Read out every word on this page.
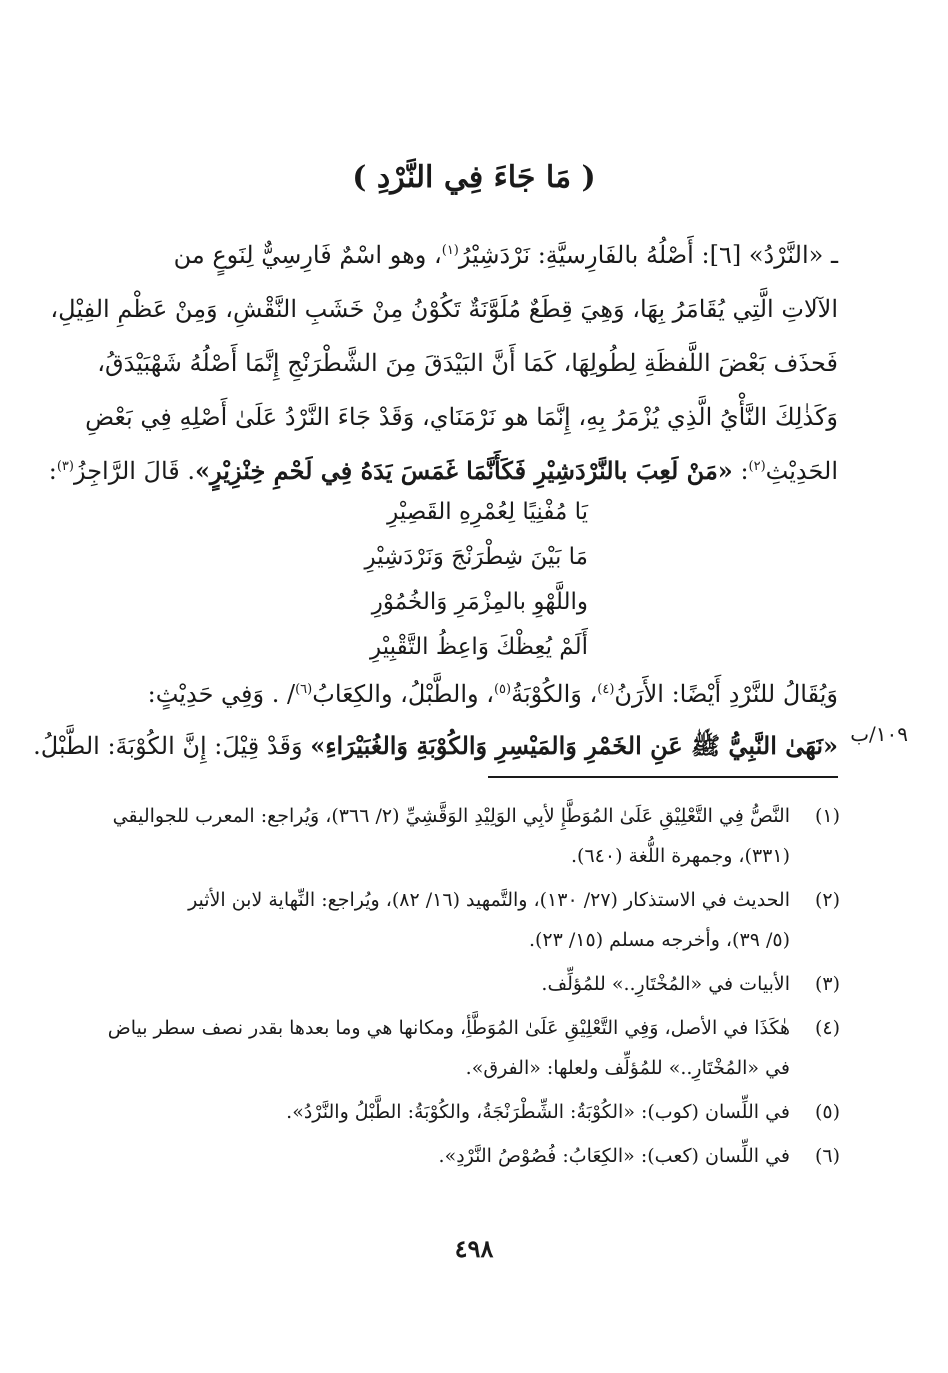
( مَا جَاءَ فِي النَّرْدِ )
ـ «النَّرْدُ» [٦]: أَصْلُهُ بالفَارِسيَّةِ: نَرْدَشِيْرُ$^{(١)}$، وهو اسْمٌ فَارِسِيٌّ لِنَوعٍ من
الآلاتِ الَّتِي يُقَامَرُ بِهَا، وَهِيَ قِطَعٌ مُلَوَّنَةٌ تَكُوْنُ مِنْ خَشَبِ النَّقْشِ، وَمِنْ عَظْمِ الفِيْلِ،
فَحذَف بَعْضَ اللَّفظَةِ لِطُولِهَا، كَمَا أَنَّ البَيْدَقَ مِنَ الشَّطْرَنْجِ إِنَّمَا أَصْلُهُ شَهْبَيْدَقُ،
وَكَذٰلِكَ النَّأْيُ الَّذِي يُزْمَرُ بِهِ، إِنَّمَا هو نَرْمَنَاي، وَقَدْ جَاءَ النَّرْدُ عَلَىٰ أَصْلِهِ فِي بَعْضِ
الحَدِيْثِ$^{(٢)}$: «مَنْ لَعِبَ بالنَّرْدَشِيْرِ فَكَأَنَّمَا غَمَسَ يَدَهُ فِي لَحْمِ خِنْزِيْرٍ». قَالَ الرَّاجِزُ$^{(٣)}$:
يَا مُفْنِيًا لِعُمْرِهِ القَصِيْرِ
مَا بَيْنَ شِطْرَنْجَ وَنَرْدَشِيْرِ
واللَّهْوِ بالمِزْمَرِ وَالخُمُوْرِ
أَلَمْ يُعِظْكَ وَاعِظُ التَّقْبِيْرِ
وَيُقَالُ للنَّرْدِ أَيْضًا: الأَرَنُ$^{(٤)}$، وَالكُوْبَةُ$^{(٥)}$، والطَّبْلُ، والكِعَابُ$^{(٦)}$/ . وَفِي حَدِيْثٍ:
«نَهَىٰ النَّبِيُّ ﷺ عَنِ الخَمْرِ وَالمَيْسِرِ وَالكُوْبَةِ وَالغُبَيْرَاءِ» وَقَدْ قِيْلَ: إِنَّ الكُوْبَةَ: الطَّبْلُ.	١٠٩/ب
(١)
النَّصُّ فِي التَّعْلِيْقِ عَلَىٰ المُوَطَّإِ لأبِي الوَلِيْدِ الوَقَّشِيِّ (٢/ ٣٦٦)، وَيُراجع: المعرب للجواليقي
(٣٣١)، وجمهرة اللُّغة (٦٤٠).
(٢)
الحديث في الاستذكار (٢٧/ ١٣٠)، والتَّمهيد (١٦/ ٨٢)، ويُراجع: النِّهاية لابن الأثير
(٥/ ٣٩)، وأخرجه مسلم (١٥/ ٢٣).
(٣)
الأبيات في «المُخْتَارِ..» للمُؤلِّف.
(٤)
هٰكَذَا في الأصل، وَفِي التَّعْلِيْقِ عَلَىٰ المُوَطَّأِ، ومكانها هي وما بعدها بقدر نصف سطر بياض
في «المُخْتَارِ..» للمُؤلِّف ولعلها: «الفرق».
(٥)
في اللِّسان (كوب): «الكُوْبَةُ: الشِّطْرَنْجَةُ، والكُوْبَةُ: الطَّبْلُ والنَّرْدُ».
(٦)
في اللِّسان (كعب): «الكِعَابُ: فُصُوْصُ النَّرْدِ».
٤٩٨
